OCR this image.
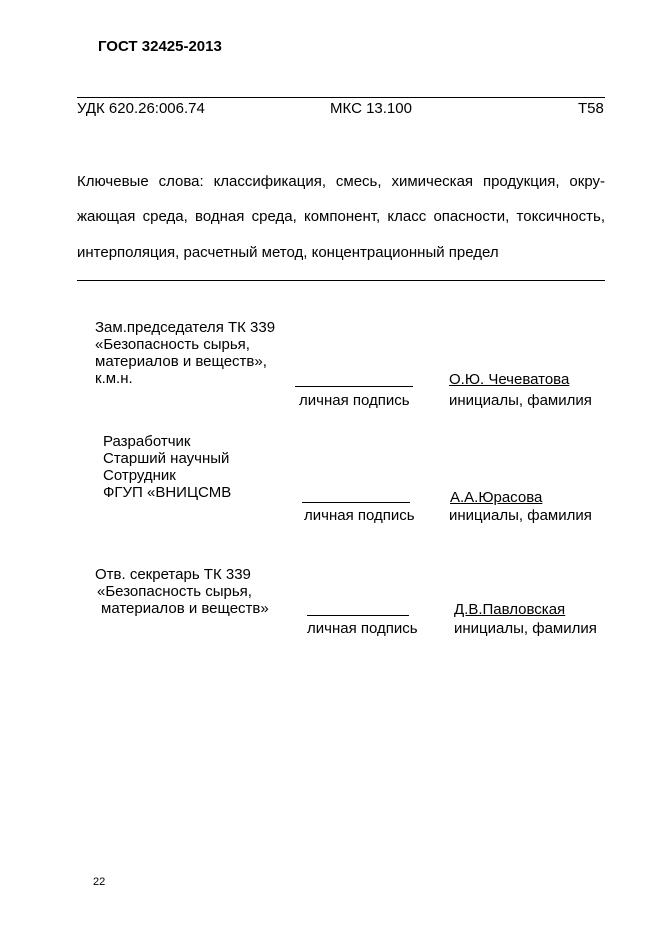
ГОСТ 32425-2013
УДК 620.26:006.74	МКС 13.100	Т58
Ключевые слова: классификация, смесь, химическая продукция, окру-
жающая среда, водная среда, компонент, класс опасности, токсичность,
интерполяция, расчетный метод, концентрационный предел
Зам.председателя ТК 339
«Безопасность сырья,
материалов и веществ»,
к.м.н.
личная подпись
О.Ю. Чечеватова
инициалы, фамилия
Разработчик
Старший научный
Сотрудник
ФГУП «ВНИЦСМВ
личная подпись
А.А.Юрасова
инициалы, фамилия
Отв. секретарь ТК 339
«Безопасность сырья,
материалов и веществ»
личная подпись
Д.В.Павловская
инициалы, фамилия
22
